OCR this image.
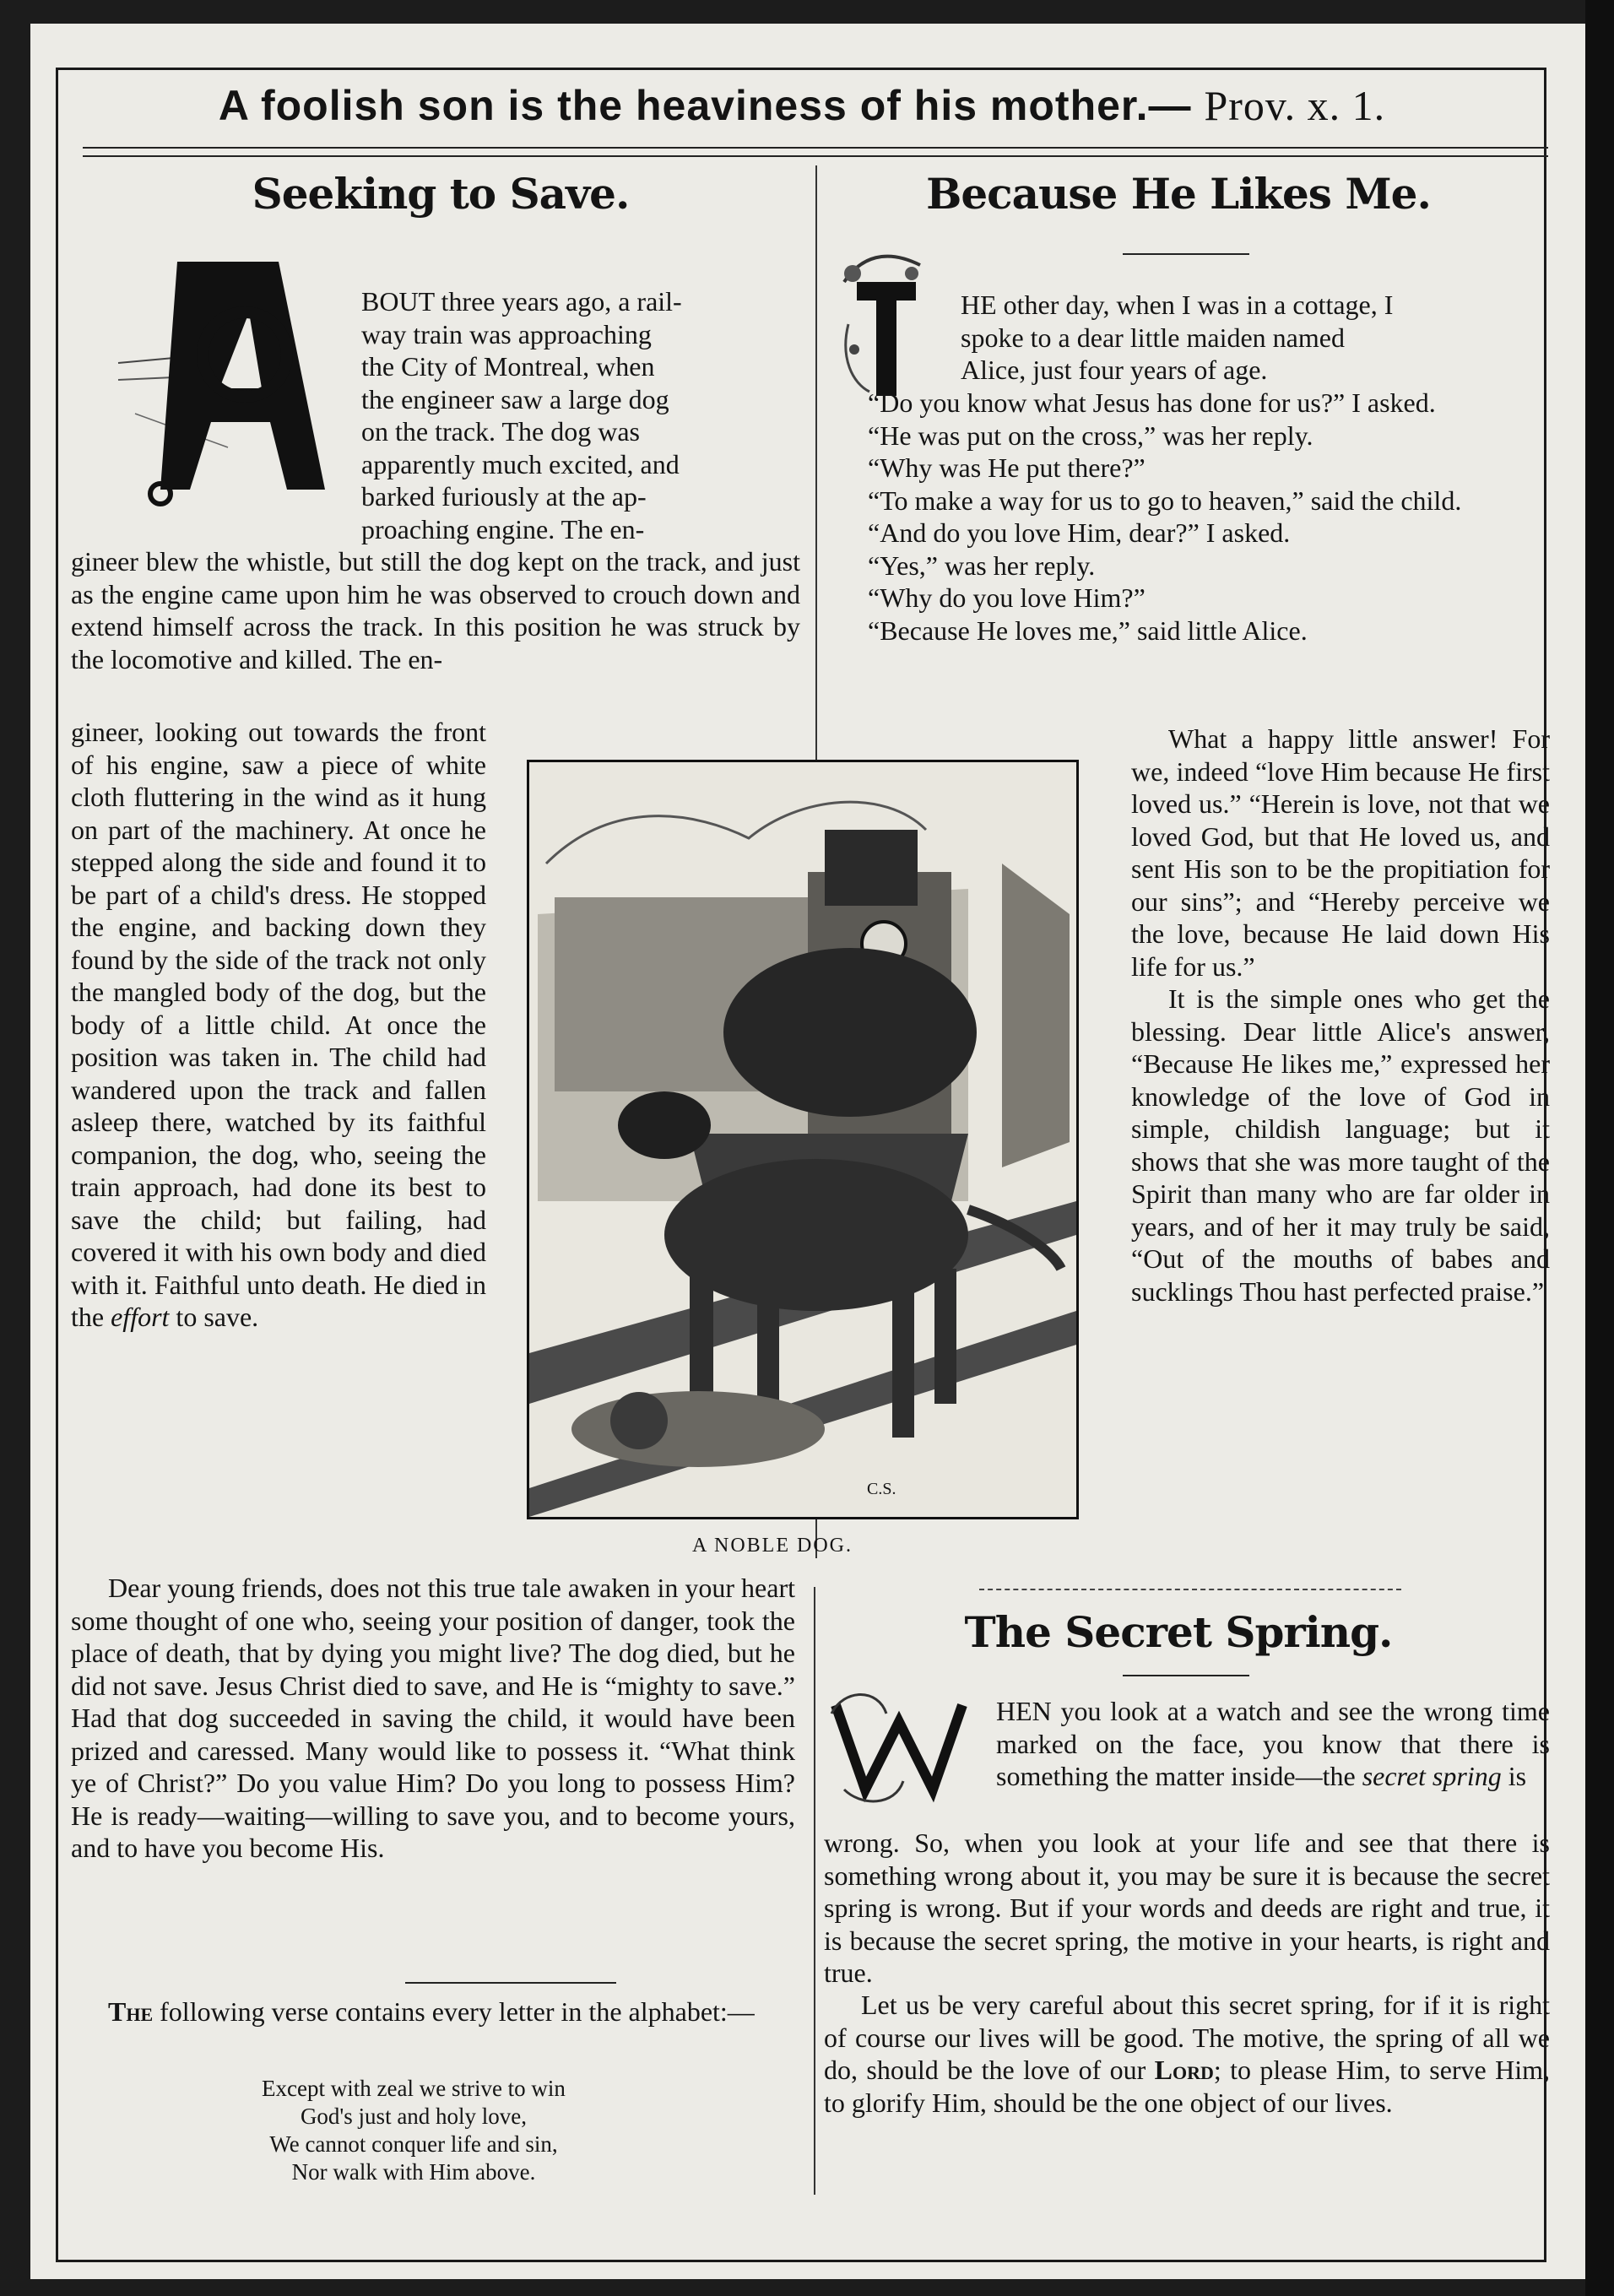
A foolish son is the heaviness of his mother.— Prov. x. 1.
Seeking to Save.
BOUT three years ago, a rail-
way train was approaching
the City of Montreal, when
the engineer saw a large dog
on the track. The dog was
apparently much excited, and
barked furiously at the ap-
proaching engine. The en-

gineer blew the whistle, but still the dog kept on the track, and just as the engine came upon him he was observed to crouch down and extend himself across the track. In this position he was struck by the locomotive and killed. The en-

gineer, looking out towards the front of his engine, saw a piece of white cloth fluttering in the wind as it hung on part of the machinery. At once he stepped along the side and found it to be part of a child's dress. He stopped the engine, and backing down they found by the side of the track not only the mangled body of the dog, but the body of a little child. At once the position was taken in. The child had wandered upon the track and fallen asleep there, watched by its faithful companion, the dog, who, seeing the train approach, had done its best to save the child; but failing, had covered it with his own body and died with it. Faithful unto death. He died in the effort to save.

Dear young friends, does not this true tale awaken in your heart some thought of one who, seeing your position of danger, took the place of death, that by dying you might live? The dog died, but he did not save. Jesus Christ died to save, and He is “mighty to save.” Had that dog succeeded in saving the child, it would have been prized and caressed. Many would like to possess it. “What think ye of Christ?” Do you value Him? Do you long to possess Him? He is ready—waiting—willing to save you, and to become yours, and to have you become His.

The following verse contains every letter in the alphabet:—

Except with zeal we strive to win
God's just and holy love,
We cannot conquer life and sin,
Nor walk with Him above.
C.S.
A NOBLE DOG.
Because He Likes Me.
HE other day, when I was in a cottage, I
spoke to a dear little maiden named
Alice, just four years of age.

“Do you know what Jesus has done for us?” I asked.

“He was put on the cross,” was her reply.

“Why was He put there?”

“To make a way for us to go to heaven,” said the child.

“And do you love Him, dear?” I asked.

“Yes,” was her reply.

“Why do you love Him?”

“Because He loves me,” said little Alice.

What a happy little answer! For we, indeed “love Him because He first loved us.” “Herein is love, not that we loved God, but that He loved us, and sent His son to be the propitiation for our sins”; and “Hereby perceive we the love, because He laid down His life for us.”

It is the simple ones who get the blessing. Dear little Alice's answer, “Because He likes me,” expressed her knowledge of the love of God in simple, childish language; but it shows that she was more taught of the Spirit than many who are far older in years, and of her it may truly be said, “Out of the mouths of babes and sucklings Thou hast perfected praise.”

The Secret Spring.

HEN you look at a watch and see the wrong time marked on the face, you know that there is something the matter inside—the secret spring is

wrong. So, when you look at your life and see that there is something wrong about it, you may be sure it is because the secret spring is wrong. But if your words and deeds are right and true, it is because the secret spring, the motive in your hearts, is right and true.

Let us be very careful about this secret spring, for if it is right of course our lives will be good. The motive, the spring of all we do, should be the love of our Lord; to please Him, to serve Him, to glorify Him, should be the one object of our lives.
